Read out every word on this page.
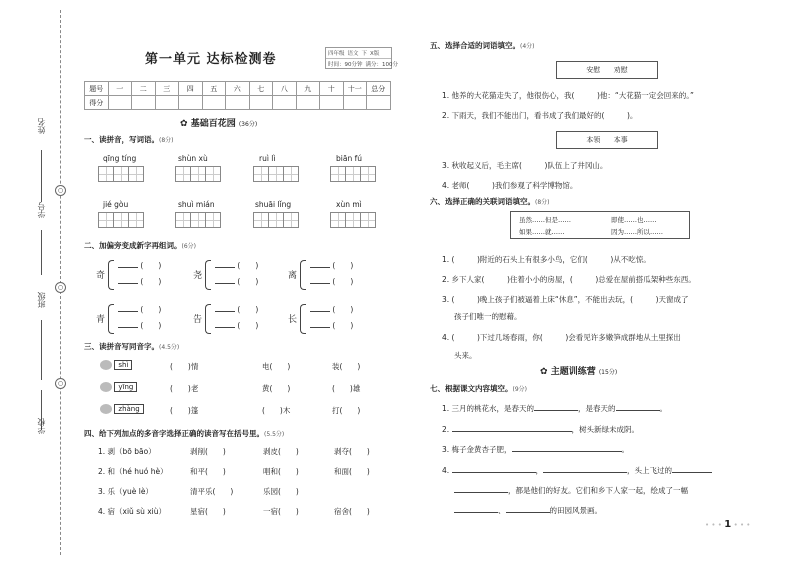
姓名
○
学号
○
班级
○
学校
第一单元 达标检测卷	四年级 语文 下 X版
时间：90分钟 满分：100分
题号	一	二	三	四	五	六	七	八	九	十	十一	总分
得分												
✿ 基础百花园 (36分)
一、读拼音，写词语。(8分)
qīng tíng	shùn xù	ruì lì	biān fú
jié gòu	shuì mián	shuāi lǐng	xùn mì
二、加偏旁变成新字再组词。(6分)
奇
(　　)
(　　)
尧
(　　)
(　　)
离
(　　)
(　　)
青
(　　)
(　　)
告
(　　)
(　　)
长
(　　)
(　　)
三、读拼音写同音字。(4.5分)
shì	(　　)情	电(　　)	装(　　)
yīng	(　　)老	黄(　　)	(　　)雄
zhàng	(　　)篷	(　　)木	打(　　)
四、给下列加点的多音字选择正确的读音写在括号里。(5.5分)
1. 剥（bō bāo）	剥削(　　)	剥皮(　　)	剥夺(　　)
2. 和（hé huó hè）	和平(　　)	唱和(　　)	和面(　　)
3. 乐（yuè lè）	清平乐(　　)	乐园(　　)
4. 宿（xiǔ sù xiù）	星宿(　　)	一宿(　　)	宿舍(　　)
五、选择合适的词语填空。(4分)
安慰 劝慰
1. 他养的大花猫走失了，他很伤心，我(　　　)他：“大花猫一定会回来的。”
2. 下雨天，我们不能出门，看书成了我们最好的(　　　)。
本领 本事
3. 秋收起义后，毛主席(　　　)队伍上了井冈山。
4. 老师(　　　)我们参观了科学博物馆。
六、选择正确的关联词语填空。(8分)
虽然……但是……	即使……也……
如果……就……	因为……所以……
1. (　　　)附近的石头上有很多小鸟，它们(　　　)从不吃惊。
2. 乡下人家(　　　)住着小小的房屋，(　　　)总爱在屋前搭瓜架种些东西。
3. (　　　)晚上孩子们被逼着上床“休息”，不能出去玩，(　　　)天窗成了
孩子们唯一的慰藉。
4. (　　　)下过几场春雨，你(　　　)会看见许多嫩笋成群地从土里探出
头来。
✿ 主题训练营 (15分)
七、根据课文内容填空。(9分)
1. 三月的桃花水，是春天的	，是春天的	。
2.	，树头新绿未成阴。
3. 梅子金黄杏子肥，	。
4.	，	，头上飞过的
，都是他们的好友。它们和乡下人家一起，绘成了一幅
、	的田园风景画。
• • • 1 • • •
